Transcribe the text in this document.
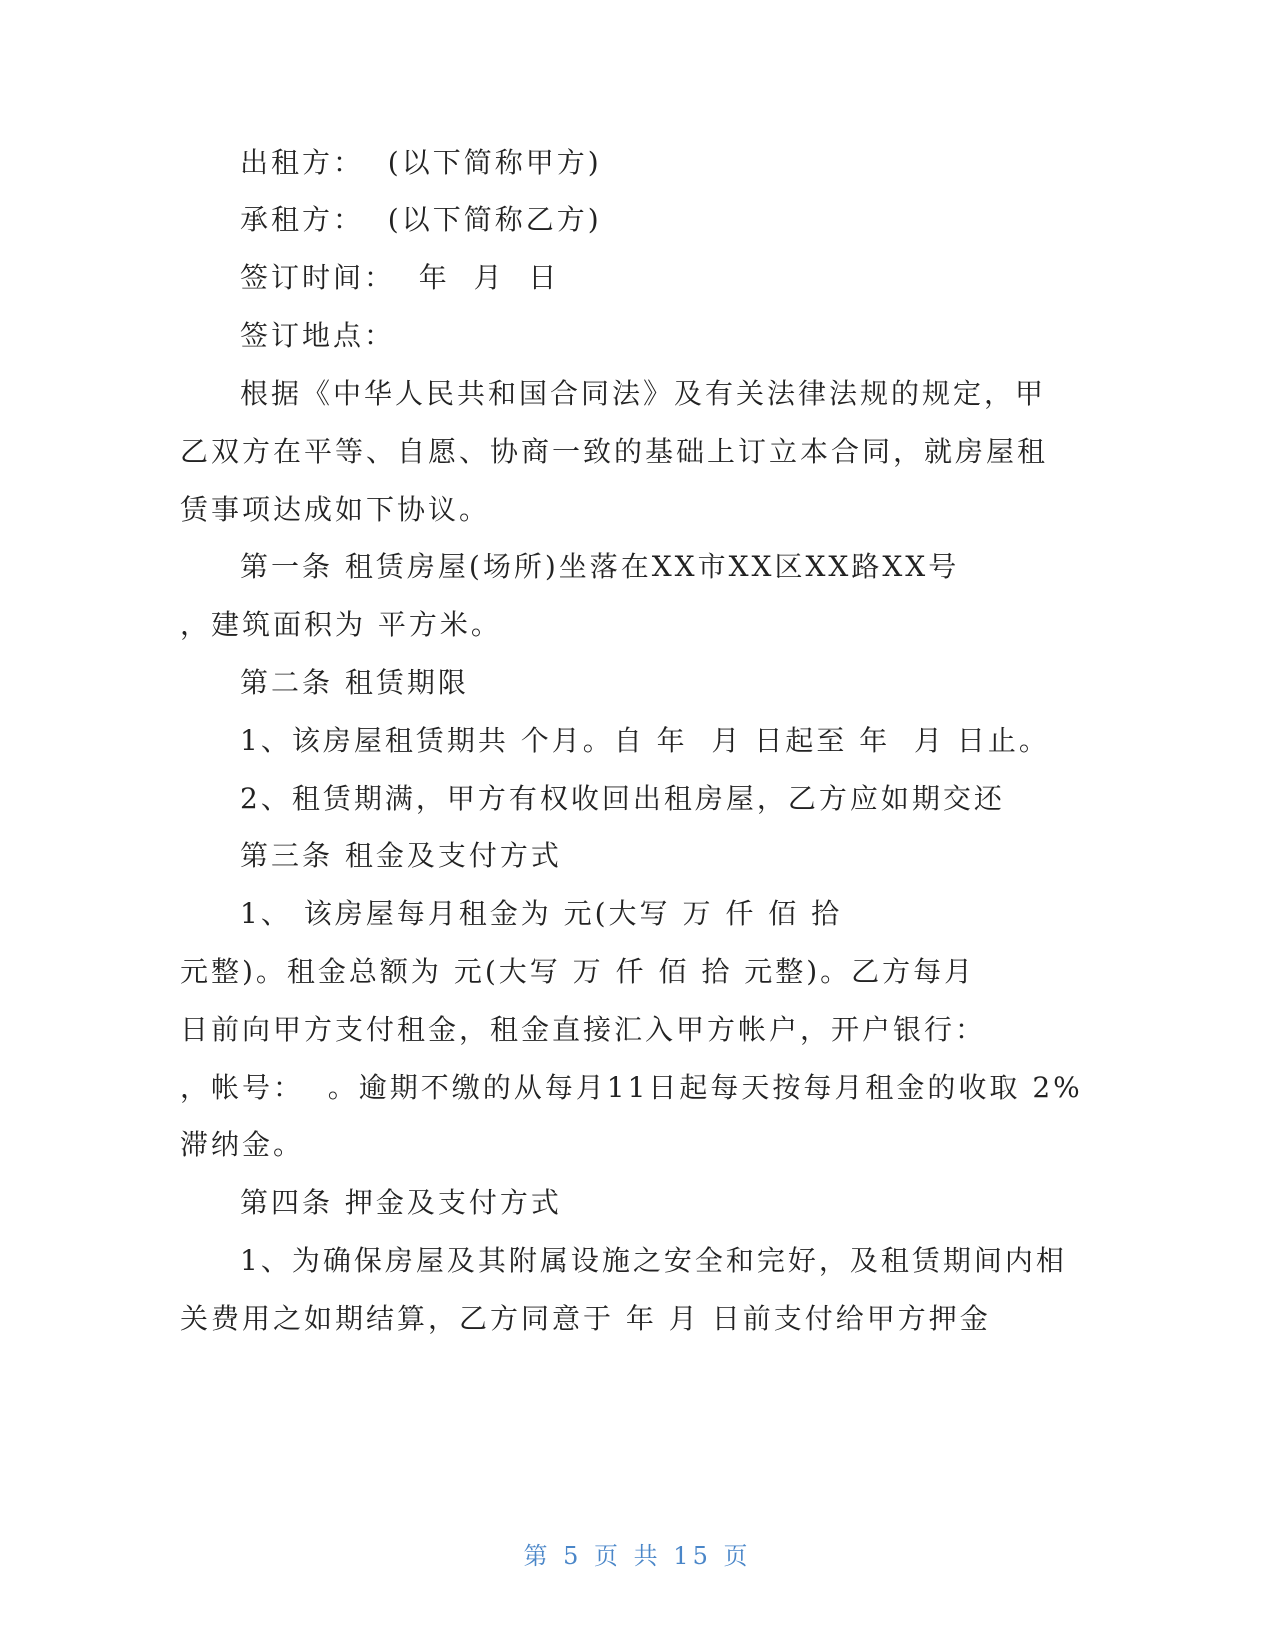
出租方：  (以下简称甲方)
承租方：  (以下简称乙方)
签订时间：  年  月  日
签订地点：
根据《中华人民共和国合同法》及有关法律法规的规定，甲
乙双方在平等、自愿、协商一致的基础上订立本合同，就房屋租
赁事项达成如下协议。
第一条 租赁房屋(场所)坐落在XX市XX区XX路XX号
，建筑面积为 平方米。
第二条 租赁期限
1、该房屋租赁期共 个月。自 年  月 日起至 年  月 日止。
2、租赁期满，甲方有权收回出租房屋，乙方应如期交还
第三条 租金及支付方式
1、 该房屋每月租金为 元(大写 万 仟 佰 拾
元整)。租金总额为 元(大写 万 仟 佰 拾 元整)。乙方每月
日前向甲方支付租金，租金直接汇入甲方帐户，开户银行：
，帐号：  。逾期不缴的从每月11日起每天按每月租金的收取 2%
滞纳金。
第四条 押金及支付方式
1、为确保房屋及其附属设施之安全和完好，及租赁期间内相
关费用之如期结算，乙方同意于 年 月 日前支付给甲方押金
第 5 页 共 15 页
